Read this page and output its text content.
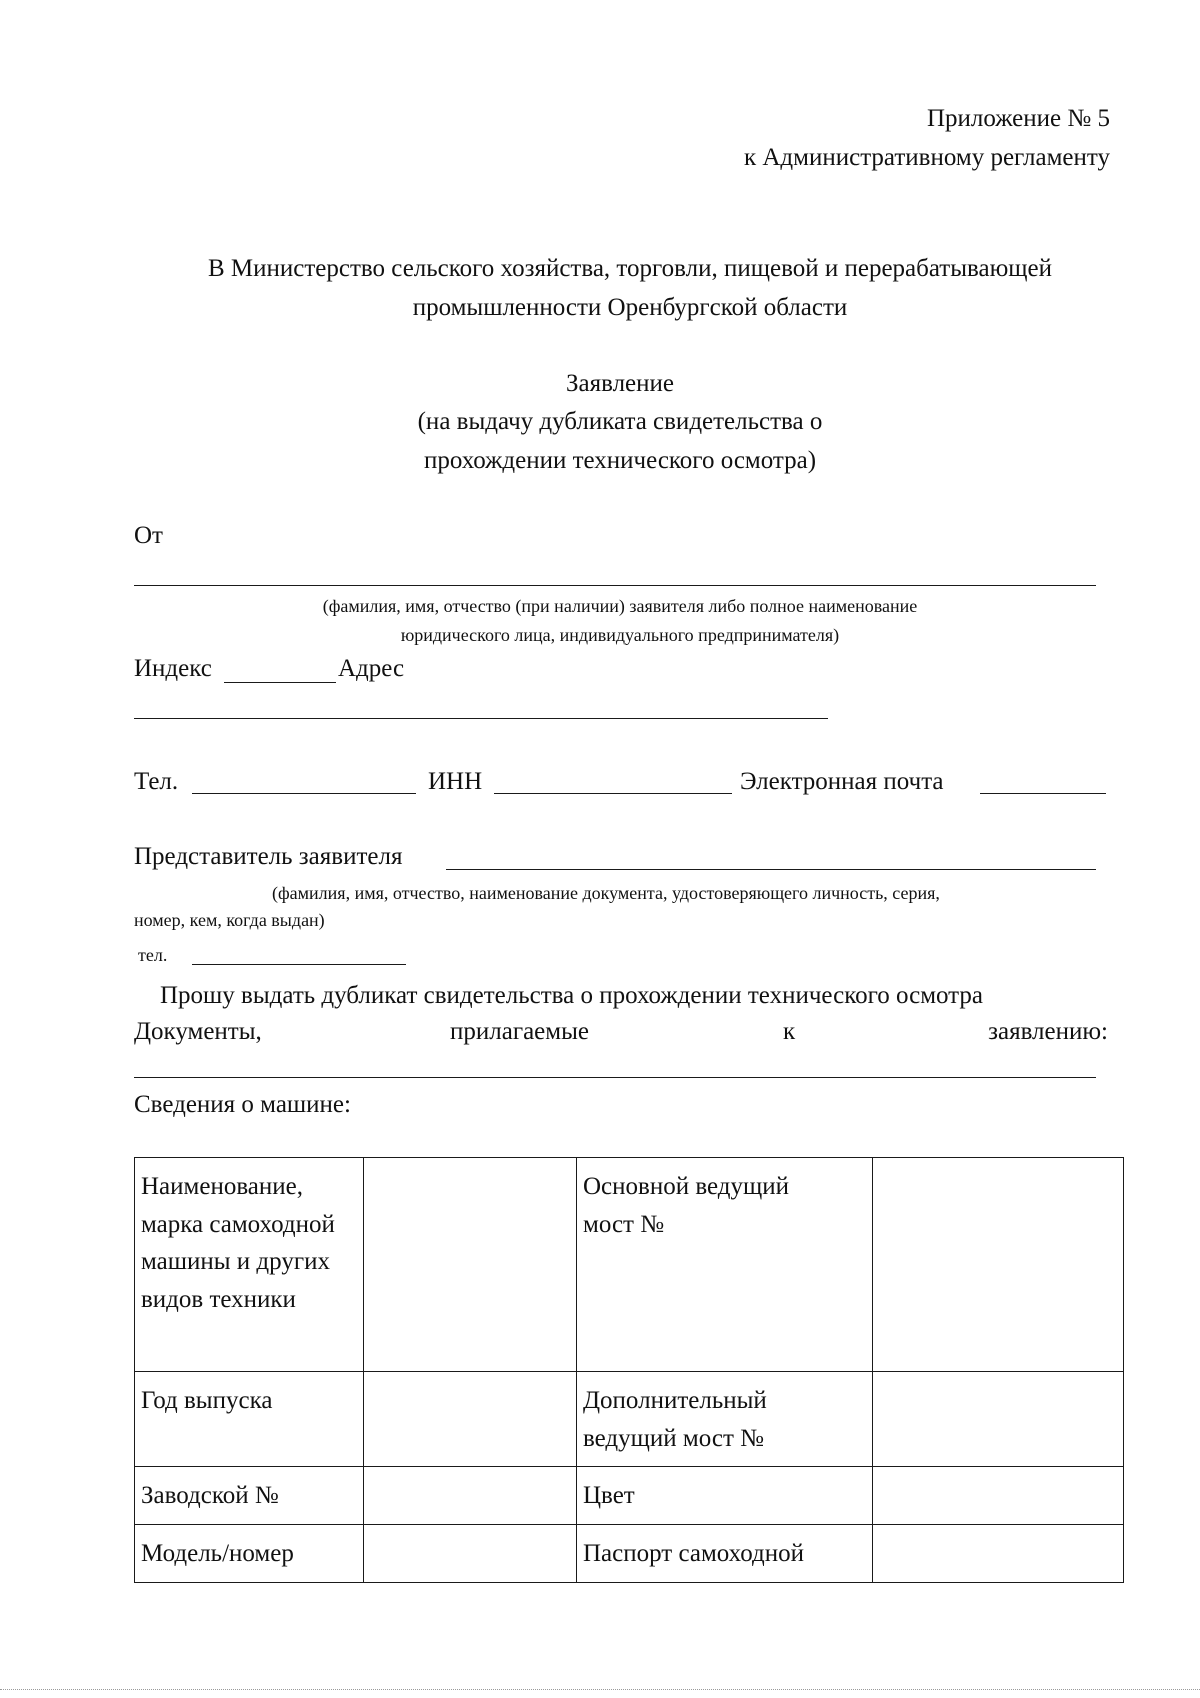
Приложение № 5
к Административному регламенту
В Министерство сельского хозяйства, торговли, пищевой и перерабатывающей
промышленности Оренбургской области
Заявление
(на выдачу дубликата свидетельства о
прохождении технического осмотра)
От
(фамилия, имя, отчество (при наличии) заявителя либо полное наименование
юридического лица, индивидуального предпринимателя)
Индекс	Адрес
Тел.	ИНН	Электронная почта
Представитель заявителя
(фамилия, имя, отчество, наименование документа, удостоверяющего личность, серия,
номер, кем, когда выдан)
тел.
Прошу выдать дубликат свидетельства о прохождении технического осмотра
Документы,	прилагаемые	к	заявлению:
Сведения о машине:
Наименование, марка самоходной машины и других видов техники		Основной ведущий мост №	
Год выпуска		Дополнительный ведущий мост №	
Заводской №		Цвет	
Модель/номер		Паспорт самоходной	
